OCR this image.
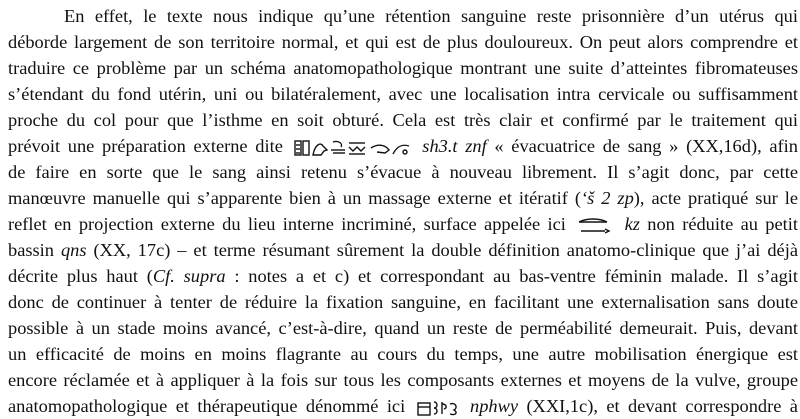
En effet, le texte nous indique qu’une rétention sanguine reste prisonnière d’un utérus qui
déborde largement de son territoire normal, et qui est de plus douloureux. On peut alors comprendre et
traduire ce problème par un schéma anatomopathologique montrant une suite d’atteintes fibromateuses
s’étendant du fond utérin, uni ou bilatéralement, avec une localisation intra cervicale ou suffisamment
proche du col pour que l’isthme en soit obturé. Cela est très clair et confirmé par le traitement qui
prévoit une préparation externe dite	sh3.t znf « évacuatrice de sang » (XX,16d), afin
de faire en sorte que le sang ainsi retenu s’évacue à nouveau librement. Il s’agit donc, par cette
manœuvre manuelle qui s’apparente bien à un massage externe et itératif (‘š 2 zp), acte pratiqué sur le
reflet en projection externe du lieu interne incriminé, surface appelée ici	kz non réduite au petit
bassin qns (XX, 17c) – et terme résumant sûrement la double définition anatomo-clinique que j’ai déjà
décrite plus haut (Cf. supra : notes a et c) et correspondant au bas-ventre féminin malade. Il s’agit
donc de continuer à tenter de réduire la fixation sanguine, en facilitant une externalisation sans doute
possible à un stade moins avancé, c’est-à-dire, quand un reste de perméabilité demeurait. Puis, devant
un efficacité de moins en moins flagrante au cours du temps, une autre mobilisation énergique est
encore réclamée et à appliquer à la fois sur tous les composants externes et moyens de la vulve, groupe
anatomopathologique et thérapeutique dénommé ici	nphwy (XXI,1c), et devant correspondre à
